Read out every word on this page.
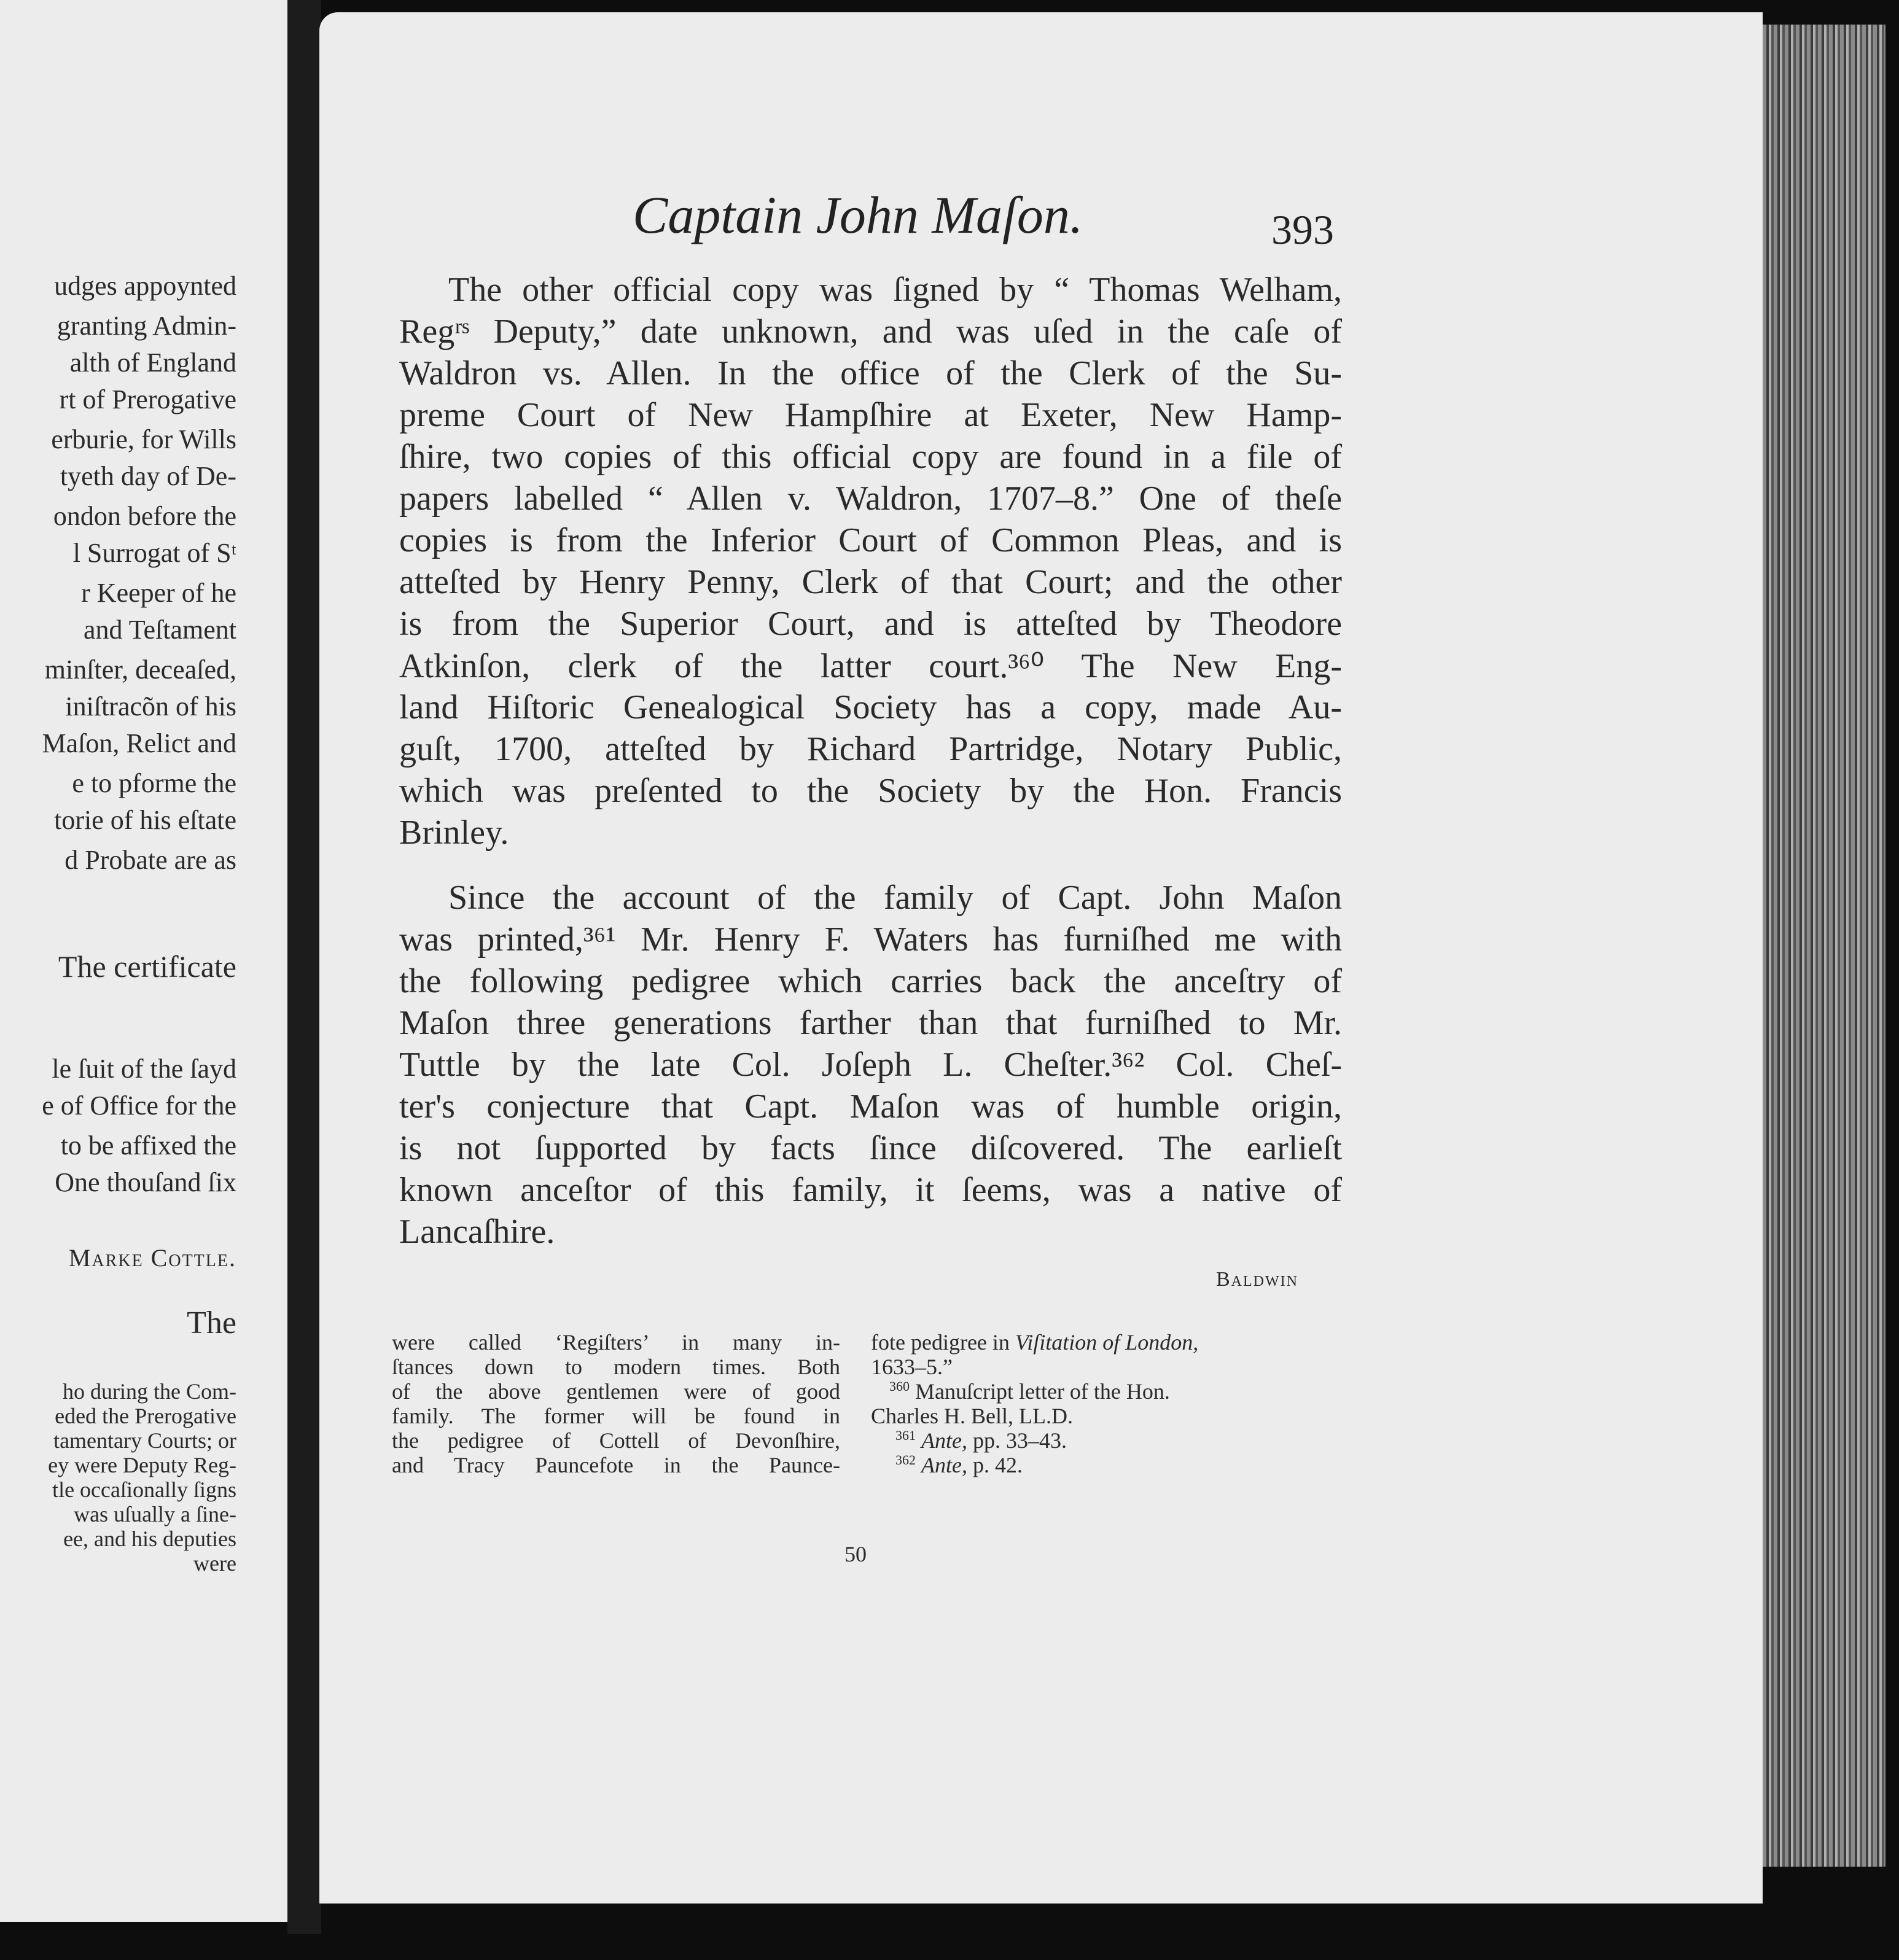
udges appoynted
granting Admin-
alth of England
rt of Prerogative
erburie, for Wills
tyeth day of De-
ondon before the
l Surrogat of Sᵗ
r Keeper of he
and Teſtament
minſter, deceaſed,
iniſtracõn of his
Maſon, Relict and
e to pforme the
torie of his eſtate
d Probate are as
The certificate
le ſuit of the ſayd
e of Office for the
to be affixed the
One thouſand ſix
Marke Cottle.
The
ho during the Com-
eded the Prerogative
tamentary Courts; or
ey were Deputy Reg-
tle occaſionally ſigns
was uſually a ſine-
ee, and his deputies
were
Captain John Maſon.	393
The other official copy was ſigned by “ Thomas Welham,
Regʳˢ Deputy,” date unknown, and was uſed in the caſe of
Waldron vs. Allen. In the office of the Clerk of the Su-
preme Court of New Hampſhire at Exeter, New Hamp-
ſhire, two copies of this official copy are found in a file of
papers labelled “ Allen v. Waldron, 1707–8.” One of theſe
copies is from the Inferior Court of Common Pleas, and is
atteſted by Henry Penny, Clerk of that Court; and the other
is from the Superior Court, and is atteſted by Theodore
Atkinſon, clerk of the latter court.³⁶⁰ The New Eng-
land Hiſtoric Genealogical Society has a copy, made Au-
guſt, 1700, atteſted by Richard Partridge, Notary Public,
which was preſented to the Society by the Hon. Francis
Brinley.
Since the account of the family of Capt. John Maſon
was printed,³⁶¹ Mr. Henry F. Waters has furniſhed me with
the following pedigree which carries back the anceſtry of
Maſon three generations farther than that furniſhed to Mr.
Tuttle by the late Col. Joſeph L. Cheſter.³⁶² Col. Cheſ-
ter's conjecture that Capt. Maſon was of humble origin,
is not ſupported by facts ſince diſcovered. The earlieſt
known anceſtor of this family, it ſeems, was a native of
Lancaſhire.
Baldwin
were called ‘Regiſters’ in many in-
ſtances down to modern times. Both
of the above gentlemen were of good
family. The former will be found in
the pedigree of Cottell of Devonſhire,
and Tracy Pauncefote in the Paunce-
fote pedigree in Viſitation of London,
1633–5.”
$^{360}$ Manuſcript letter of the Hon.
Charles H. Bell, LL.D.
$^{361}$ Ante, pp. 33–43.
$^{362}$ Ante, p. 42.
50
